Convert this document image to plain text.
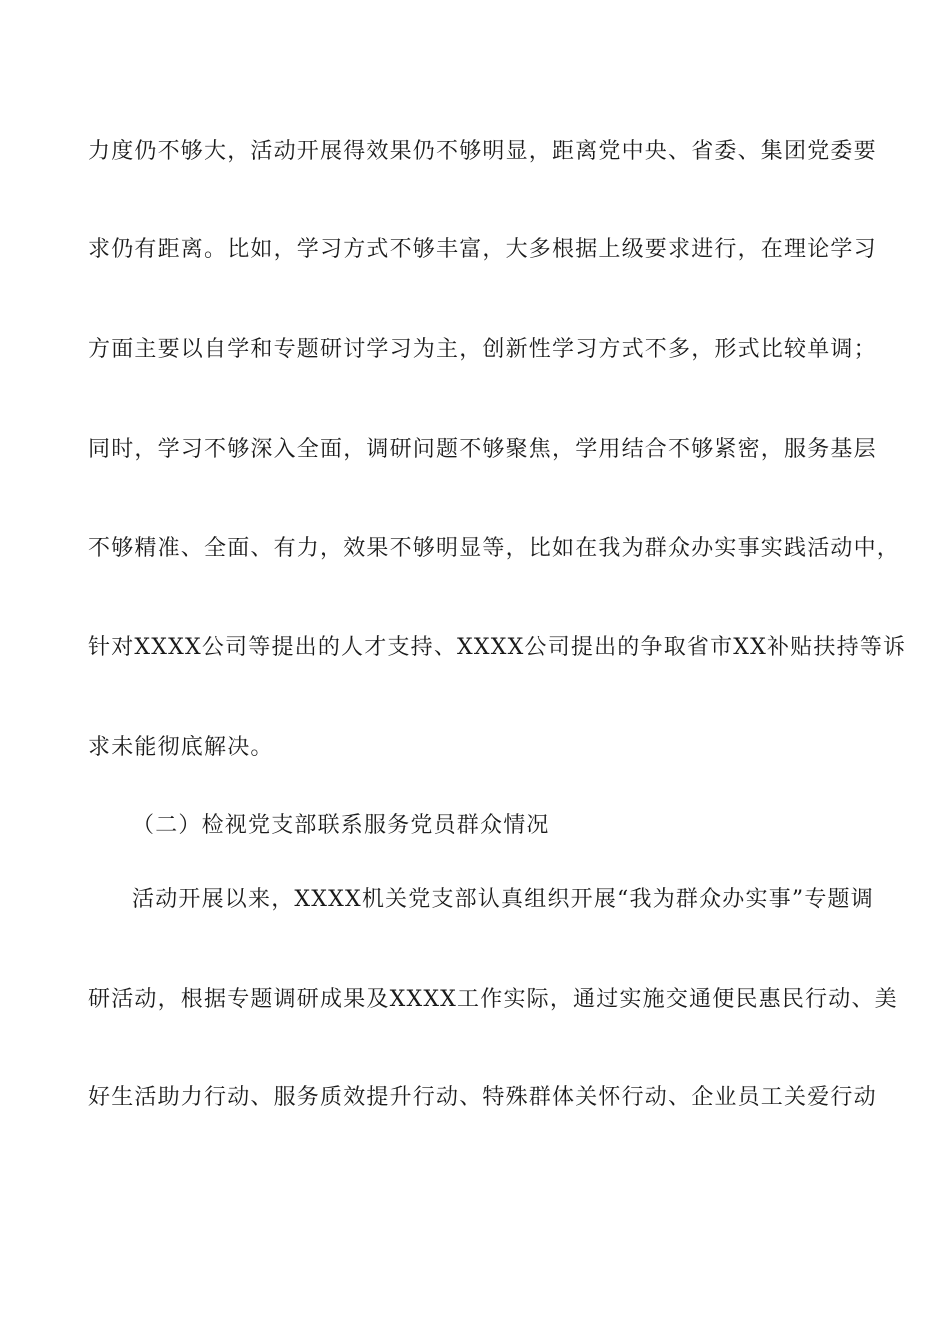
力度仍不够大，活动开展得效果仍不够明显，距离党中央、省委、集团党委要
求仍有距离。比如，学习方式不够丰富，大多根据上级要求进行，在理论学习
方面主要以自学和专题研讨学习为主，创新性学习方式不多，形式比较单调；
同时，学习不够深入全面，调研问题不够聚焦，学用结合不够紧密，服务基层
不够精准、全面、有力，效果不够明显等，比如在我为群众办实事实践活动中，
针对XXXX公司等提出的人才支持、XXXX公司提出的争取省市XX补贴扶持等诉
求未能彻底解决。
（二）检视党支部联系服务党员群众情况
活动开展以来，XXXX机关党支部认真组织开展“我为群众办实事”专题调
研活动，根据专题调研成果及XXXX工作实际，通过实施交通便民惠民行动、美
好生活助力行动、服务质效提升行动、特殊群体关怀行动、企业员工关爱行动
